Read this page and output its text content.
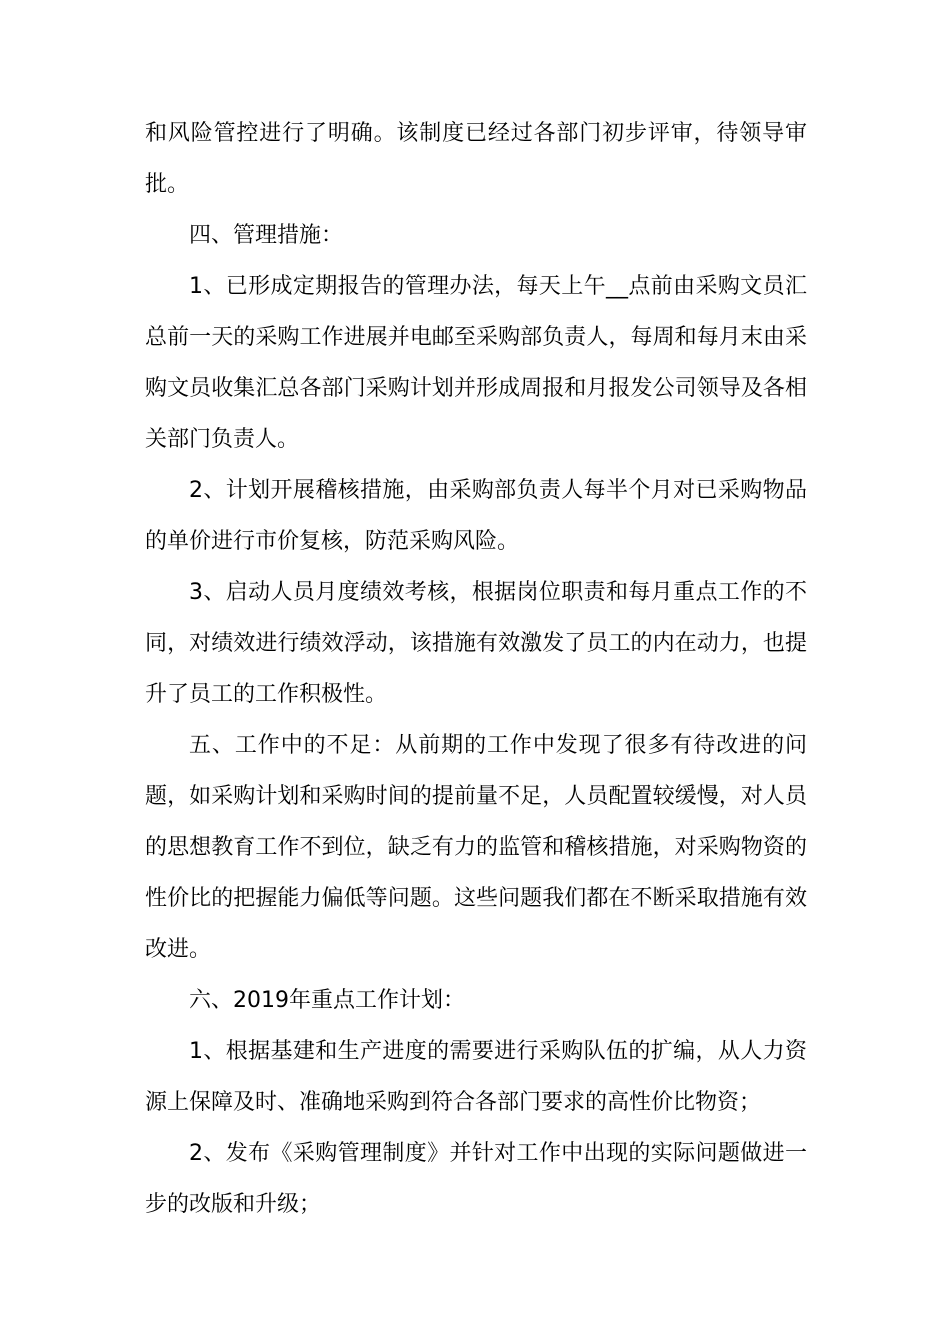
和风险管控进行了明确。该制度已经过各部门初步评审，待领导审批。

四、管理措施：

1、已形成定期报告的管理办法，每天上午__点前由采购文员汇总前一天的采购工作进展并电邮至采购部负责人，每周和每月末由采购文员收集汇总各部门采购计划并形成周报和月报发公司领导及各相关部门负责人。

2、计划开展稽核措施，由采购部负责人每半个月对已采购物品的单价进行市价复核，防范采购风险。

3、启动人员月度绩效考核，根据岗位职责和每月重点工作的不同，对绩效进行绩效浮动，该措施有效激发了员工的内在动力，也提升了员工的工作积极性。

五、工作中的不足：从前期的工作中发现了很多有待改进的问题，如采购计划和采购时间的提前量不足，人员配置较缓慢，对人员的思想教育工作不到位，缺乏有力的监管和稽核措施，对采购物资的性价比的把握能力偏低等问题。这些问题我们都在不断采取措施有效改进。

六、2019年重点工作计划：

1、根据基建和生产进度的需要进行采购队伍的扩编，从人力资源上保障及时、准确地采购到符合各部门要求的高性价比物资；

2、发布《采购管理制度》并针对工作中出现的实际问题做进一步的改版和升级；
